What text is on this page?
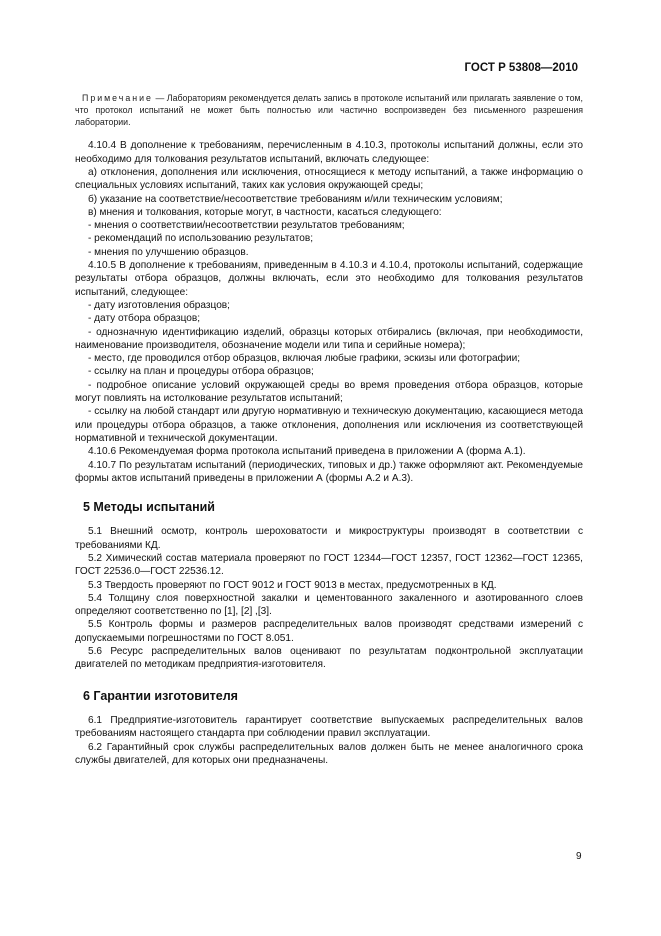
ГОСТ Р 53808—2010

Примечание — Лабораториям рекомендуется делать запись в протоколе испытаний или прилагать заявление о том, что протокол испытаний не может быть полностью или частично воспроизведен без письменного разрешения лаборатории.

4.10.4 В дополнение к требованиям, перечисленным в 4.10.3, протоколы испытаний должны, если это необходимо для толкования результатов испытаний, включать следующее:

а) отклонения, дополнения или исключения, относящиеся к методу испытаний, а также информацию о специальных условиях испытаний, таких как условия окружающей среды;

б) указание на соответствие/несоответствие требованиям и/или техническим условиям;

в) мнения и толкования, которые могут, в частности, касаться следующего:

- мнения о соответствии/несоответствии результатов требованиям;

- рекомендаций по использованию результатов;

- мнения по улучшению образцов.

4.10.5 В дополнение к требованиям, приведенным в 4.10.3 и 4.10.4, протоколы испытаний, содержащие результаты отбора образцов, должны включать, если это необходимо для толкования результатов испытаний, следующее:

- дату изготовления образцов;

- дату отбора образцов;

- однозначную идентификацию изделий, образцы которых отбирались (включая, при необходимости, наименование производителя, обозначение модели или типа и серийные номера);

- место, где проводился отбор образцов, включая любые графики, эскизы или фотографии;

- ссылку на план и процедуры отбора образцов;

- подробное описание условий окружающей среды во время проведения отбора образцов, которые могут повлиять на истолкование результатов испытаний;

- ссылку на любой стандарт или другую нормативную и техническую документацию, касающиеся метода или процедуры отбора образцов, а также отклонения, дополнения или исключения из соответствующей нормативной и технической документации.

4.10.6 Рекомендуемая форма протокола испытаний приведена в приложении А (форма А.1).

4.10.7 По результатам испытаний (периодических, типовых и др.) также оформляют акт. Рекомендуемые формы актов испытаний приведены в приложении А (формы А.2 и А.3).

5 Методы испытаний

5.1 Внешний осмотр, контроль шероховатости и микроструктуры производят в соответствии с требованиями КД.

5.2 Химический состав материала проверяют по ГОСТ 12344—ГОСТ 12357, ГОСТ 12362—ГОСТ 12365, ГОСТ 22536.0—ГОСТ 22536.12.

5.3 Твердость проверяют по ГОСТ 9012 и ГОСТ 9013 в местах, предусмотренных в КД.

5.4 Толщину слоя поверхностной закалки и цементованного закаленного и азотированного слоев определяют соответственно по [1], [2] ,[3].

5.5 Контроль формы и размеров распределительных валов производят средствами измерений с допускаемыми погрешностями по ГОСТ 8.051.

5.6 Ресурс распределительных валов оценивают по результатам подконтрольной эксплуатации двигателей по методикам предприятия-изготовителя.

6 Гарантии изготовителя

6.1 Предприятие-изготовитель гарантирует соответствие выпускаемых распределительных валов требованиям настоящего стандарта при соблюдении правил эксплуатации.

6.2 Гарантийный срок службы распределительных валов должен быть не менее аналогичного срока службы двигателей, для которых они предназначены.

9
